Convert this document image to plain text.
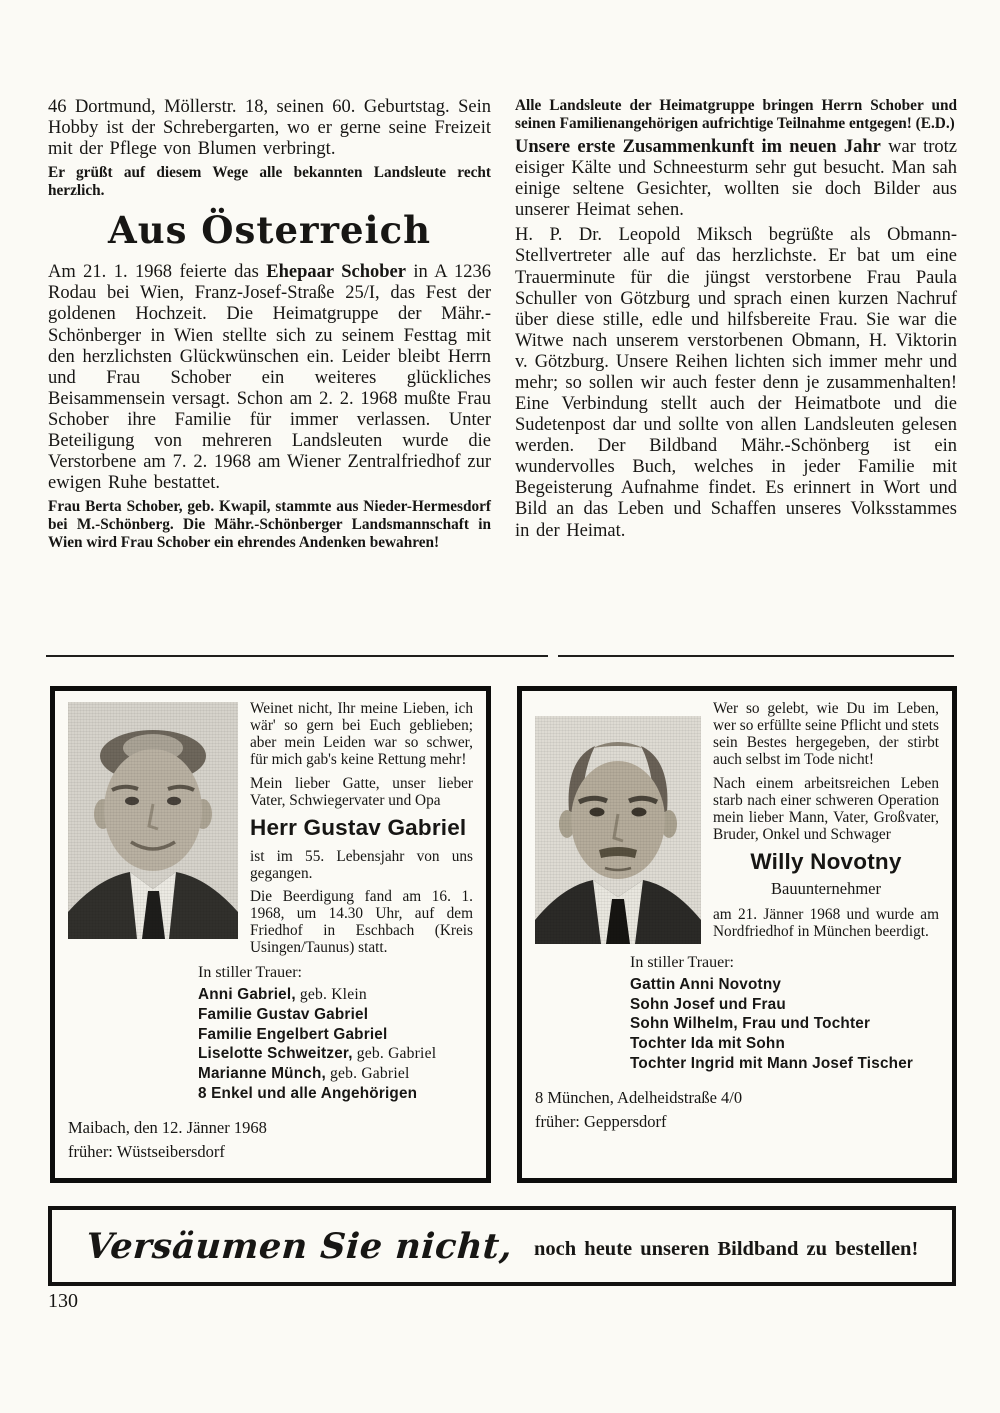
46 Dortmund, Möllerstr. 18, seinen 60. Geburtstag. Sein Hobby ist der Schrebergarten, wo er gerne seine Freizeit mit der Pflege von Blumen verbringt.

Er grüßt auf diesem Wege alle bekannten Landsleute recht herzlich.

Aus Österreich

Am 21. 1. 1968 feierte das Ehepaar Schober in A 1236 Rodau bei Wien, Franz-Josef-Straße 25/I, das Fest der goldenen Hochzeit. Die Heimatgruppe der Mähr.-Schönberger in Wien stellte sich zu seinem Festtag mit den herzlichsten Glückwünschen ein. Leider bleibt Herrn und Frau Schober ein weiteres glückliches Beisammensein versagt. Schon am 2. 2. 1968 mußte Frau Schober ihre Familie für immer verlassen. Unter Beteiligung von mehreren Landsleuten wurde die Verstorbene am 7. 2. 1968 am Wiener Zentralfriedhof zur ewigen Ruhe bestattet.

Frau Berta Schober, geb. Kwapil, stammte aus Nieder-Hermesdorf bei M.-Schönberg. Die Mähr.-Schönberger Landsmannschaft in Wien wird Frau Schober ein ehrendes Andenken bewahren!

Alle Landsleute der Heimatgruppe bringen Herrn Schober und seinen Familienangehörigen aufrichtige Teilnahme entgegen! (E.D.)

Unsere erste Zusammenkunft im neuen Jahr war trotz eisiger Kälte und Schneesturm sehr gut besucht. Man sah einige seltene Gesichter, wollten sie doch Bilder aus unserer Heimat sehen.

H. P. Dr. Leopold Miksch begrüßte als Obmann-Stellvertreter alle auf das herzlichste. Er bat um eine Trauerminute für die jüngst verstorbene Frau Paula Schuller von Götzburg und sprach einen kurzen Nachruf über diese stille, edle und hilfsbereite Frau. Sie war die Witwe nach unserem verstorbenen Obmann, H. Viktorin v. Götzburg. Unsere Reihen lichten sich immer mehr und mehr; so sollen wir auch fester denn je zusammenhalten! Eine Verbindung stellt auch der Heimatbote und die Sudetenpost dar und sollte von allen Landsleuten gelesen werden. Der Bildband Mähr.-Schönberg ist ein wundervolles Buch, welches in jeder Familie mit Begeisterung Aufnahme findet. Es erinnert in Wort und Bild an das Leben und Schaffen unseres Volksstammes in der Heimat.

Weinet nicht, Ihr meine Lieben, ich wär' so gern bei Euch geblieben; aber mein Leiden war so schwer, für mich gab's keine Rettung mehr!

Mein lieber Gatte, unser lieber Vater, Schwiegervater und Opa

Herr Gustav Gabriel

ist im 55. Lebensjahr von uns gegangen.

Die Beerdigung fand am 16. 1. 1968, um 14.30 Uhr, auf dem Friedhof in Eschbach (Kreis Usingen/Taunus) statt.

In stiller Trauer:
Anni Gabriel, geb. Klein
Familie Gustav Gabriel
Familie Engelbert Gabriel
Liselotte Schweitzer, geb. Gabriel
Marianne Münch, geb. Gabriel
8 Enkel und alle Angehörigen
Maibach, den 12. Jänner 1968
früher: Wüstseibersdorf

Wer so gelebt, wie Du im Leben, wer so erfüllte seine Pflicht und stets sein Bestes hergegeben, der stirbt auch selbst im Tode nicht!

Nach einem arbeitsreichen Leben starb nach einer schweren Operation mein lieber Mann, Vater, Großvater, Bruder, Onkel und Schwager

Willy Novotny
Bauunternehmer

am 21. Jänner 1968 und wurde am Nordfriedhof in München beerdigt.

In stiller Trauer:
Gattin Anni Novotny
Sohn Josef und Frau
Sohn Wilhelm, Frau und Tochter
Tochter Ida mit Sohn
Tochter Ingrid mit Mann Josef Tischer
8 München, Adelheidstraße 4/0
früher: Geppersdorf
Versäumen Sie nicht, noch heute unseren Bildband zu bestellen!
130
